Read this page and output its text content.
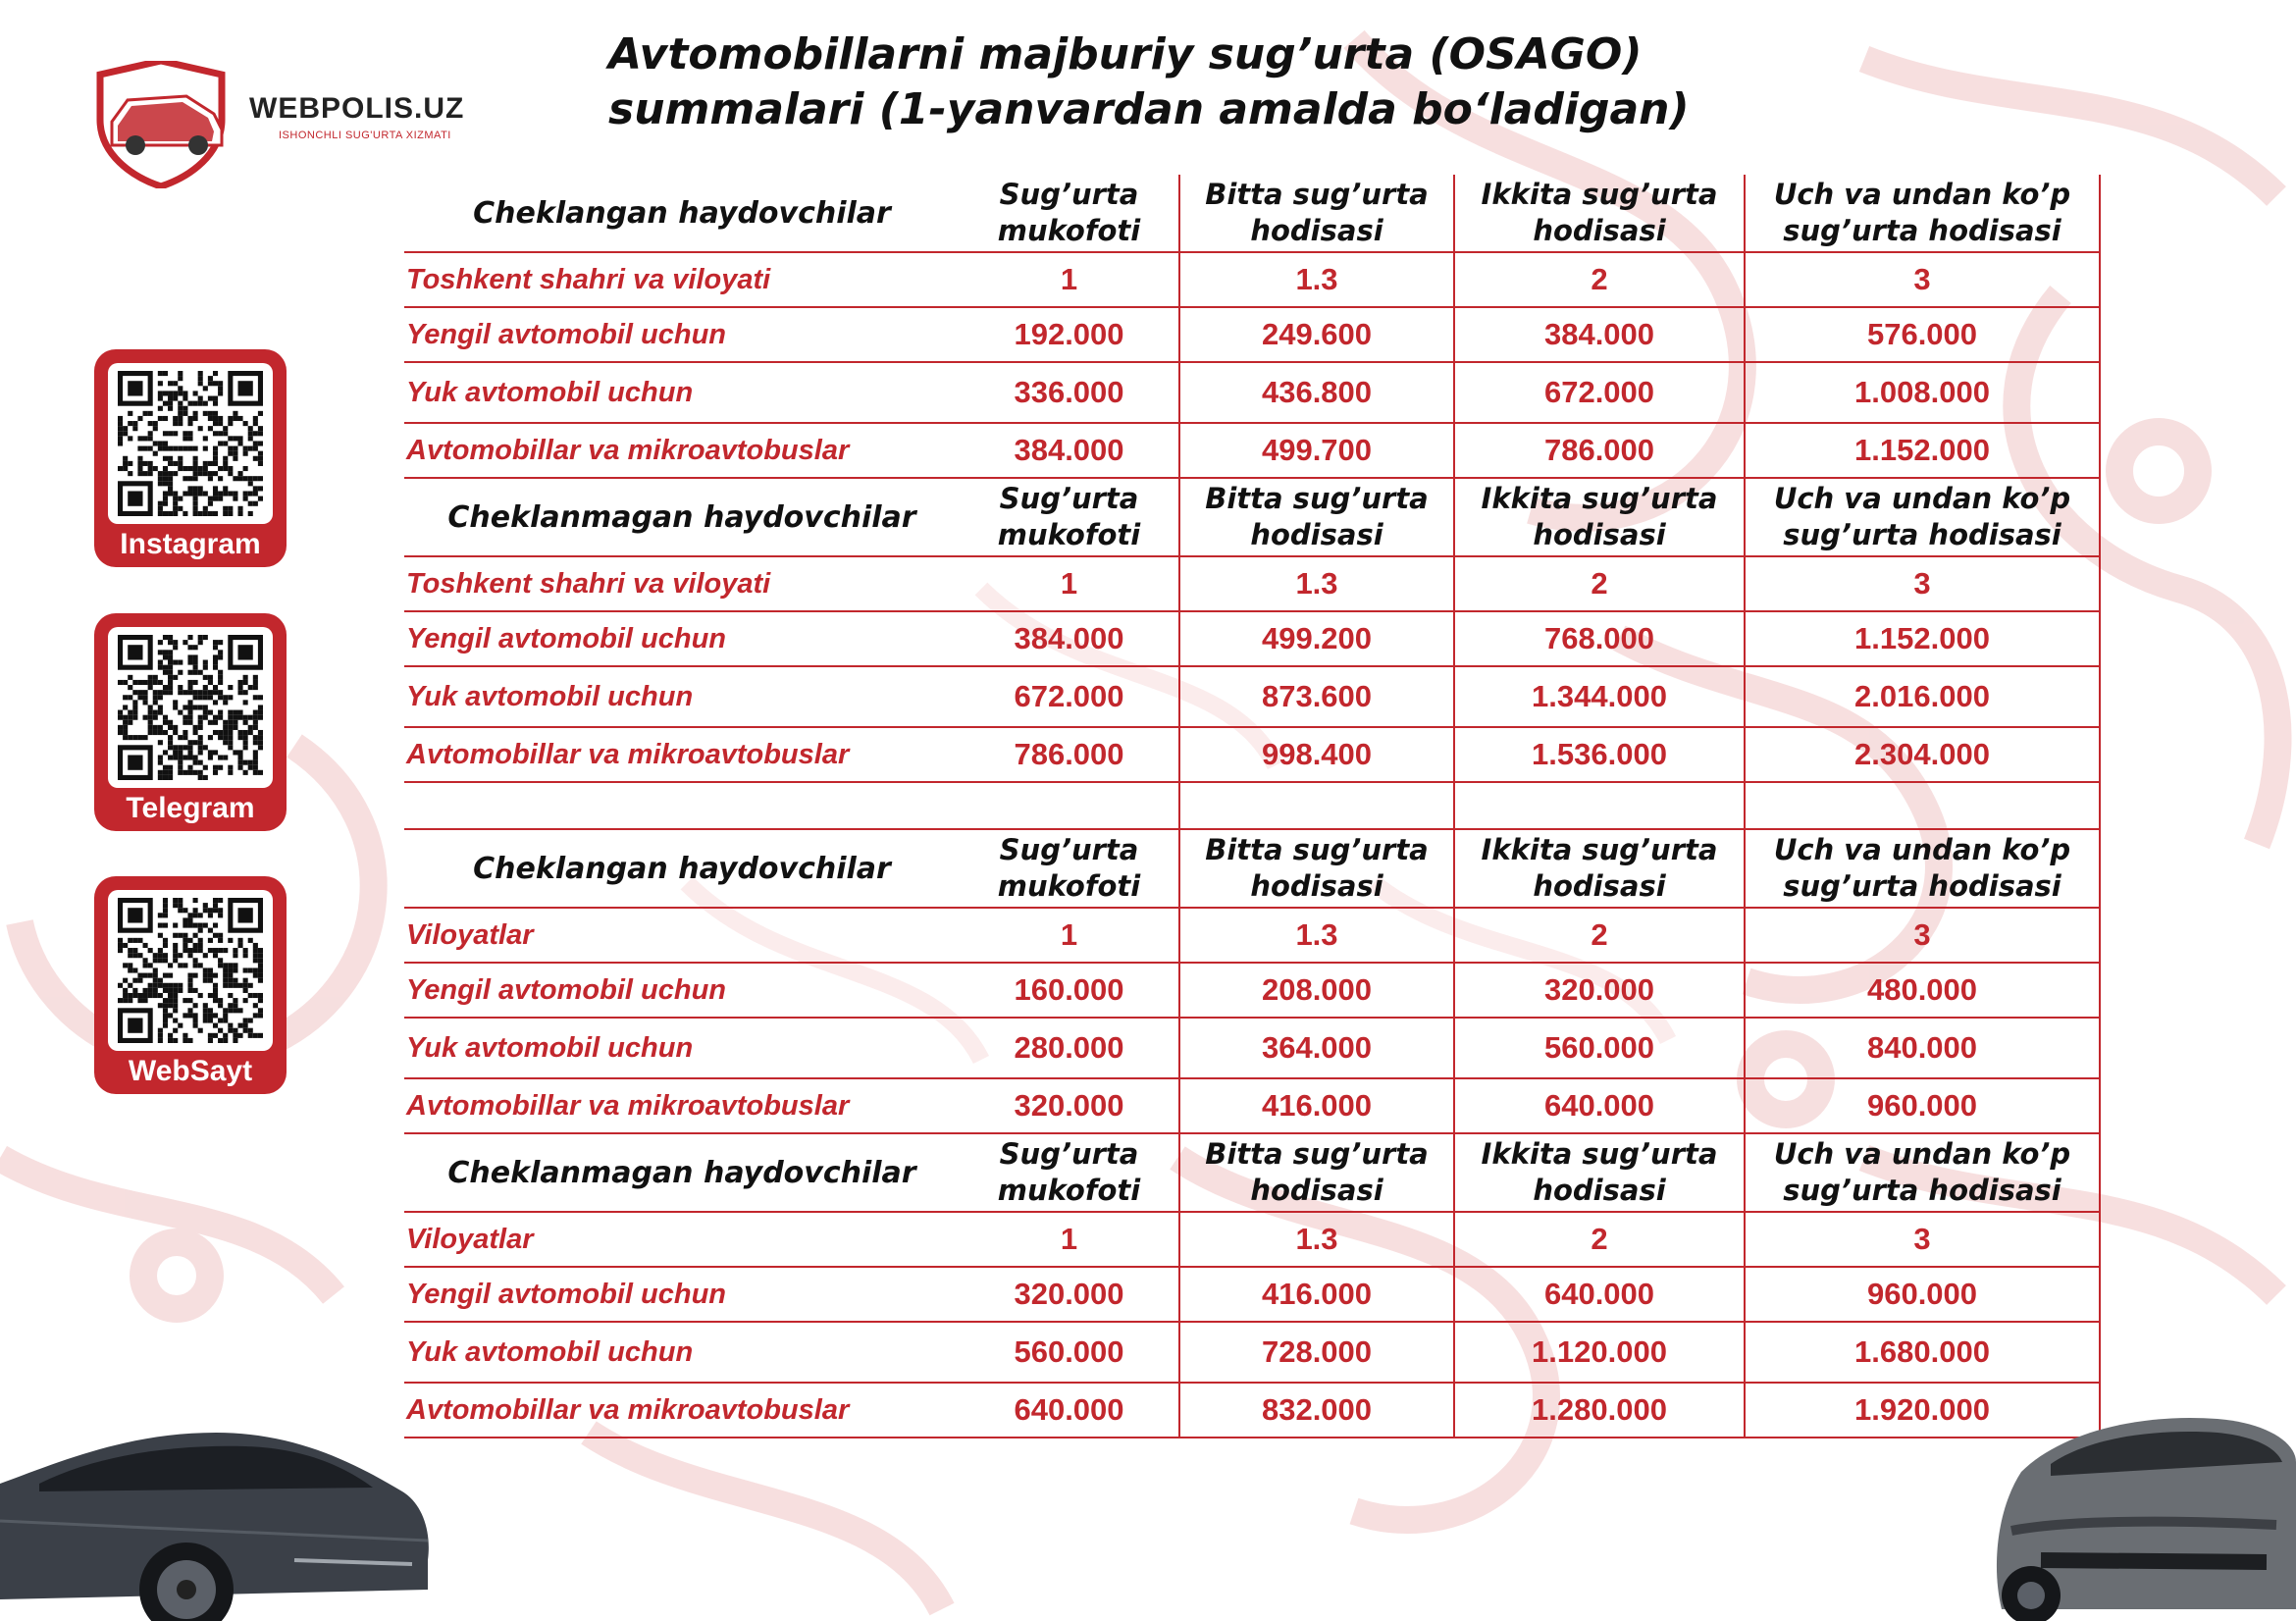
WEBPOLIS.UZ
ISHONCHLI SUG'URTA XIZMATI
Avtomobillarni majburiy sug’urta (OSAGO)
summalari (1-yanvardan amalda bo‘ladigan)
Instagram
Telegram
WebSayt
Cheklangan haydovchilar	Sug’urta mukofoti	Bitta sug’urta hodisasi	Ikkita sug’urta hodisasi	Uch va undan ko’p sug’urta hodisasi
Toshkent shahri va viloyati	1	1.3	2	3
Yengil avtomobil uchun	192.000	249.600	384.000	576.000
Yuk avtomobil uchun	336.000	436.800	672.000	1.008.000
Avtomobillar va mikroavtobuslar	384.000	499.700	786.000	1.152.000
Cheklanmagan haydovchilar	Sug’urta mukofoti	Bitta sug’urta hodisasi	Ikkita sug’urta hodisasi	Uch va undan ko’p sug’urta hodisasi
Toshkent shahri va viloyati	1	1.3	2	3
Yengil avtomobil uchun	384.000	499.200	768.000	1.152.000
Yuk avtomobil uchun	672.000	873.600	1.344.000	2.016.000
Avtomobillar va mikroavtobuslar	786.000	998.400	1.536.000	2.304.000

Cheklangan haydovchilar	Sug’urta mukofoti	Bitta sug’urta hodisasi	Ikkita sug’urta hodisasi	Uch va undan ko’p sug’urta hodisasi
Viloyatlar	1	1.3	2	3
Yengil avtomobil uchun	160.000	208.000	320.000	480.000
Yuk avtomobil uchun	280.000	364.000	560.000	840.000
Avtomobillar va mikroavtobuslar	320.000	416.000	640.000	960.000
Cheklanmagan haydovchilar	Sug’urta mukofoti	Bitta sug’urta hodisasi	Ikkita sug’urta hodisasi	Uch va undan ko’p sug’urta hodisasi
Viloyatlar	1	1.3	2	3
Yengil avtomobil uchun	320.000	416.000	640.000	960.000
Yuk avtomobil uchun	560.000	728.000	1.120.000	1.680.000
Avtomobillar va mikroavtobuslar	640.000	832.000	1.280.000	1.920.000
